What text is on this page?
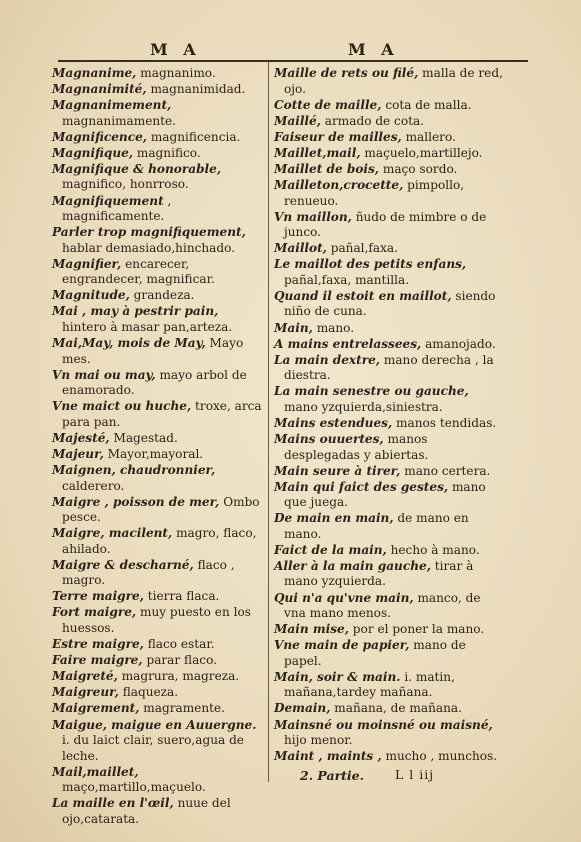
M A	M A

Magnanime, magnanimo.

Magnanimité, magnanimidad.

Magnanimement, magnanimamente.

Magnificence, magnificencia.

Magnifique, magnifico.

Magnifique & honorable, magnifico, honrroso.

Magnifiquement , magnificamente.

Parler trop magnifiquement, hablar demasiado,hinchado.

Magnifier, encarecer, engrandecer, magnificar.

Magnitude, grandeza.

Mai , may à pestrir pain, hintero à masar pan,arteza.

Mai,May, mois de May, Mayo mes.

Vn mai ou may, mayo arbol de enamorado.

Vne maict ou huche, troxe, arca para pan.

Majesté, Magestad.

Majeur, Mayor,mayoral.

Maignen, chaudronnier, calderero.

Maigre , poisson de mer, Ombo pesce.

Maigre, macilent, magro, flaco, ahilado.

Maigre & descharné, flaco , magro.

Terre maigre, tierra flaca.

Fort maigre, muy puesto en los huessos.

Estre maigre, flaco estar.

Faire maigre, parar flaco.

Maigreté, magrura, magreza.

Maigreur, flaqueza.

Maigrement, magramente.

Maigue, maigue en Auuergne. i. du laict clair, suero,agua de leche.

Mail,maillet, maço,martillo,maçuelo.

La maille en l'œil, nuue del ojo,catarata.

Maille de rets ou filé, malla de red, ojo.

Cotte de maille, cota de malla.

Maillé, armado de cota.

Faiseur de mailles, mallero.

Maillet,mail, maçuelo,martillejo.

Maillet de bois, maço sordo.

Mailleton,crocette, pimpollo, renueuo.

Vn maillon, ñudo de mimbre o de junco.

Maillot, pañal,faxa.

Le maillot des petits enfans, pañal,faxa, mantilla.

Quand il estoit en maillot, siendo niño de cuna.

Main, mano.

A mains entrelassees, amanojado.

La main dextre, mano derecha , la diestra.

La main senestre ou gauche, mano yzquierda,siniestra.

Mains estendues, manos tendidas.

Mains ouuertes, manos desplegadas y abiertas.

Main seure à tirer, mano certera.

Main qui faict des gestes, mano que juega.

De main en main, de mano en mano.

Faict de la main, hecho à mano.

Aller à la main gauche, tirar à mano yzquierda.

Qui n'a qu'vne main, manco, de vna mano menos.

Main mise, por el poner la mano.

Vne main de papier, mano de papel.

Main, soir & main. i. matin, mañana,tardey mañana.

Demain, mañana, de mañana.

Mainsné ou moinsné ou maisné, hijo menor.

Maint , maints , mucho , munchos.

2. Partie. L l iij
